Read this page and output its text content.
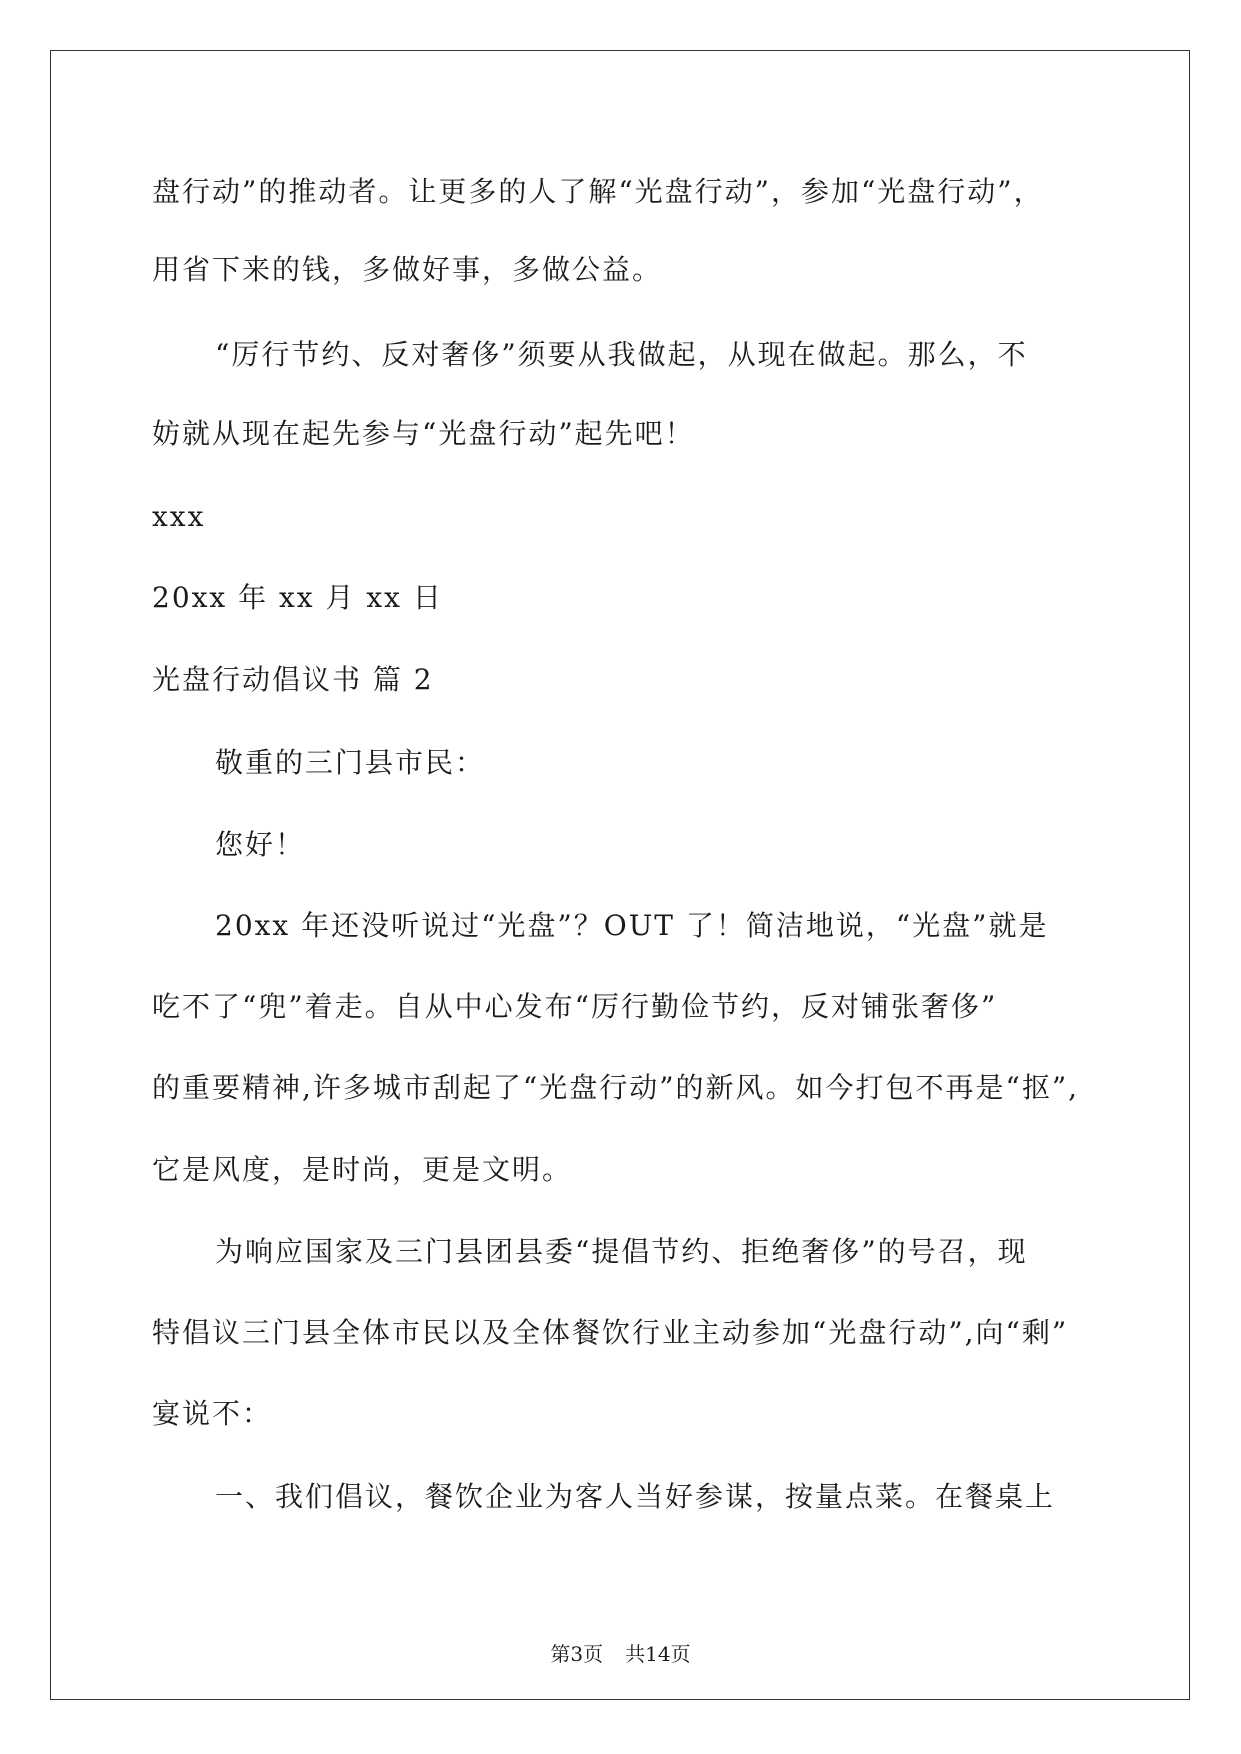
盘行动”的推动者。让更多的人了解“光盘行动”，参加“光盘行动”，
用省下来的钱，多做好事，多做公益。
“厉行节约、反对奢侈”须要从我做起，从现在做起。那么，不
妨就从现在起先参与“光盘行动”起先吧！
xxx
20xx 年 xx 月 xx 日
光盘行动倡议书 篇 2
敬重的三门县市民：
您好！
20xx 年还没听说过“光盘”？OUT 了！简洁地说，“光盘”就是
吃不了“兜”着走。自从中心发布“厉行勤俭节约，反对铺张奢侈”
的重要精神,许多城市刮起了“光盘行动”的新风。如今打包不再是“抠”,
它是风度，是时尚，更是文明。
为响应国家及三门县团县委“提倡节约、拒绝奢侈”的号召，现
特倡议三门县全体市民以及全体餐饮行业主动参加“光盘行动”,向“剩”
宴说不：
一、我们倡议，餐饮企业为客人当好参谋，按量点菜。在餐桌上
第3页 共14页
